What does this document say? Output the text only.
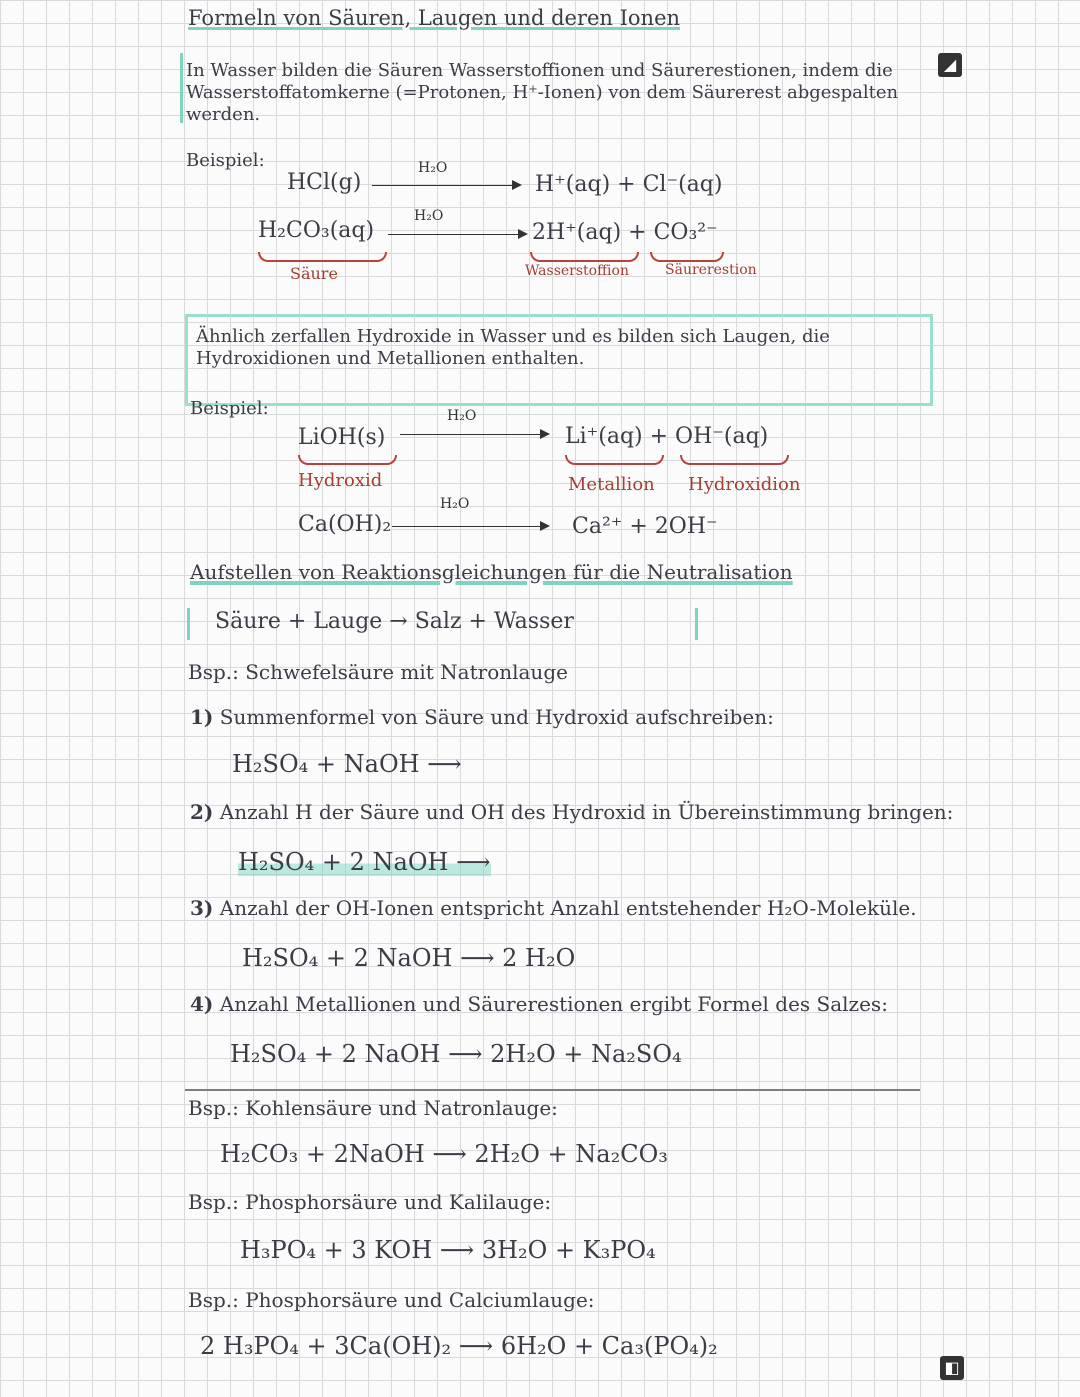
Formeln von Säuren, Laugen und deren Ionen
◢
In Wasser bilden die Säuren Wasserstoffionen und Säurerestionen, indem die Wasserstoffatomkerne (=Protonen, H⁺-Ionen) von dem Säurerest abgespalten werden.
Beispiel:
HCl(g)
H₂O
H⁺(aq) + Cl⁻(aq)
H₂CO₃(aq)
H₂O
2H⁺(aq) + CO₃²⁻
Säure	Wasserstoffion	Säurerestion
Ähnlich zerfallen Hydroxide in Wasser und es bilden sich Laugen, die Hydroxidionen und Metallionen enthalten.
Beispiel:
LiOH(s)
H₂O
Li⁺(aq) + OH⁻(aq)
Hydroxid	Metallion Hydroxidion
Ca(OH)₂
H₂O
Ca²⁺ + 2OH⁻
Aufstellen von Reaktionsgleichungen für die Neutralisation
Säure + Lauge → Salz + Wasser
Bsp.: Schwefelsäure mit Natronlauge
1) Summenformel von Säure und Hydroxid aufschreiben:
H₂SO₄ + NaOH ⟶
2) Anzahl H der Säure und OH des Hydroxid in Übereinstimmung bringen:
H₂SO₄ + 2 NaOH ⟶
3) Anzahl der OH-Ionen entspricht Anzahl entstehender H₂O-Moleküle.
H₂SO₄ + 2 NaOH ⟶ 2 H₂O
4) Anzahl Metallionen und Säurerestionen ergibt Formel des Salzes:
H₂SO₄ + 2 NaOH ⟶ 2H₂O + Na₂SO₄
Bsp.: Kohlensäure und Natronlauge:
H₂CO₃ + 2NaOH ⟶ 2H₂O + Na₂CO₃
Bsp.: Phosphorsäure und Kalilauge:
H₃PO₄ + 3 KOH ⟶ 3H₂O + K₃PO₄
Bsp.: Phosphorsäure und Calciumlauge:
2 H₃PO₄ + 3Ca(OH)₂ ⟶ 6H₂O + Ca₃(PO₄)₂
◧
